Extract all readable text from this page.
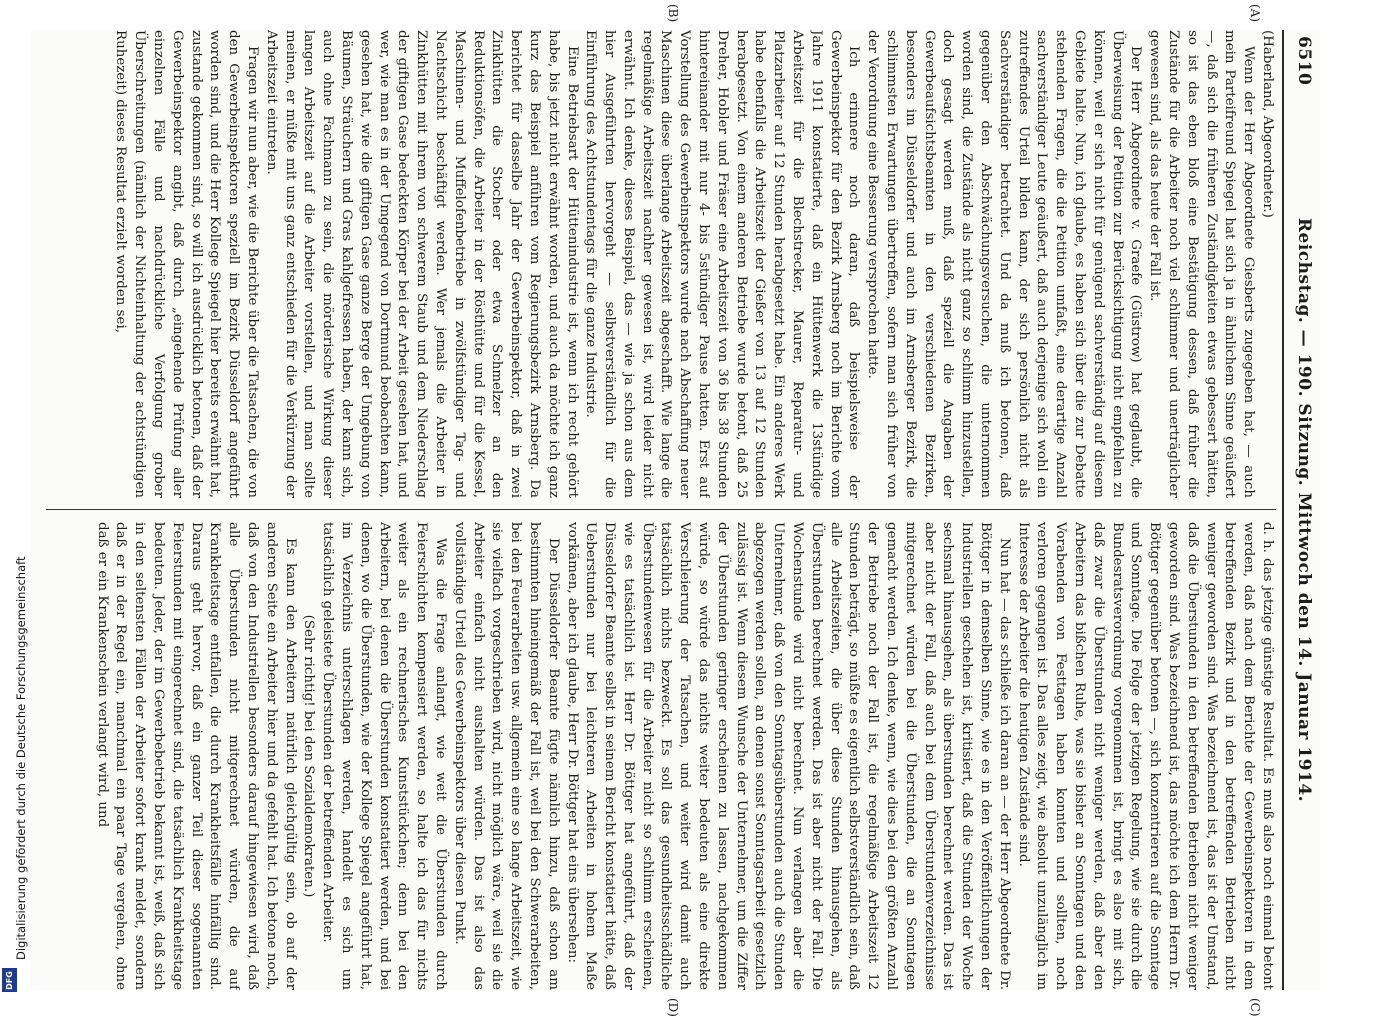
Digitalisierung gefördert durch die Deutsche Forschungsgemeinschaft
DFG
6510
Reichstag. — 190. Sitzung. Mittwoch den 14. Januar 1914.
(A)
(B)
(C)
(D)

(Haberland, Abgeordneter.)

Wenn der Herr Abgeordnete Giesberts zugegeben hat, — auch mein Parteifreund Spiegel hat sich ja in ähnlichem Sinne geäußert —, daß sich die früheren Zuständigkeiten etwas gebessert hätten, so ist das eben bloß eine Bestätigung dessen, daß früher die Zustände für die Arbeiter noch viel schlimmer und unerträglicher gewesen sind, als das heute der Fall ist.

Der Herr Abgeordnete v. Graefe (Güstrow) hat geglaubt, die Überweisung der Petition zur Berücksichtigung nicht empfehlen zu können, weil er sich nicht für genügend sachverständig auf diesem Gebiete halte. Nun, ich glaube, es haben sich über die zur Debatte stehenden Fragen, die die Petition umfaßt, eine derartige Anzahl sachverständiger Leute geäußert, daß auch derjenige sich wohl ein zutreffendes Urteil bilden kann, der sich persönlich nicht als Sachverständiger betrachtet. Und da muß ich betonen, daß gegenüber den Abschwächungsversuchen, die unternommen worden sind, die Zustände als nicht ganz so schlimm hinzustellen, doch gesagt werden muß, daß speziell die Angaben der Gewerbeaufsichtsbeamten in den verschiedenen Bezirken, besonders im Düsseldorfer und auch im Arnsberger Bezirk, die schlimmsten Erwartungen übertreffen, sofern man sich früher von der Verordnung eine Besserung versprochen hatte.

Ich erinnere noch daran, daß beispielsweise der Gewerbeinspektor für den Bezirk Arnsberg noch im Berichte vom Jahre 1911 konstatierte, daß ein Hüttenwerk die 13stündige Arbeitszeit für die Blechstrecker, Maurer, Reparatur- und Platzarbeiter auf 12 Stunden herabgesetzt habe. Ein anderes Werk habe ebenfalls die Arbeitszeit der Gießer von 13 auf 12 Stunden herabgesetzt. Von einem anderen Betriebe wurde betont, daß 25 Dreher, Hobler und Fräser eine Arbeitszeit von 36 bis 38 Stunden hintereinander mit nur 4- bis 5stündiger Pause hatten. Erst auf Vorstellung des Gewerbeinspektors wurde nach Abschaffung neuer Maschinen diese überlange Arbeitszeit abgeschafft. Wie lange die regelmäßige Arbeitszeit nachher gewesen ist, wird leider nicht erwähnt. Ich denke, dieses Beispiel, das — wie ja schon aus dem hier Ausgeführten hervorgeht — selbstverständlich für die Einführung des Achtstundentags für die ganze Industrie.

Eine Betriebsart der Hüttenindustrie ist, wenn ich recht gehört habe, bis jetzt nicht erwähnt worden, und auch da möchte ich ganz kurz das Beispiel anführen vom Regierungsbezirk Arnsberg. Da berichtet für dasselbe Jahr der Gewerbeinspektor, daß in zwei Zinkhütten die Stocher oder etwa Schmelzer an den Reduktionsöfen, die Arbeiter in der Rösthütte und für die Kessel, Maschinen- und Muffelofenbetriebe in zwölfstündiger Tag- und Nachtschicht beschäftigt werden. Wer jemals die Arbeiter in Zinkhütten mit ihrem von schwerem Staub und dem Niederschlag der giftigen Gase bedeckten Körper bei der Arbeit gesehen hat, und wer, wie man es in der Umgegend von Dortmund beobachten kann, gesehen hat, wie die giftigen Gase ganze Berge der Umgebung von Bäumen, Sträuchern und Gras kahlgefressen haben, der kann sich, auch ohne Fachmann zu sein, die mörderische Wirkung dieser langen Arbeitszeit auf die Arbeiter vorstellen, und man sollte meinen, er müßte mit uns ganz entschieden für die Verkürzung der Arbeitszeit eintreten.

Fragen wir nun aber, wie die Berichte über die Tatsachen, die von den Gewerbeinspektoren speziell im Bezirk Düsseldorf angeführt worden sind, und die Herr Kollege Spiegel hier bereits erwähnt hat, zustande gekommen sind, so will ich ausdrücklich betonen, daß der Gewerbeinspektor angibt, daß durch „eingehende Prüfung aller einzelnen Fälle und nachdrückliche Verfolgung grober Überschreitungen (nämlich der Nichteinhaltung der achtstündigen Ruhezeit) dieses Resultat erzielt worden sei,

d. h. das jetzige günstige Resultat. Es muß also noch einmal betont werden, daß nach dem Berichte der Gewerbeinspektoren in dem betreffenden Bezirk und in den betreffenden Betrieben nicht weniger geworden sind. Was bezeichnend ist, das ist der Umstand, daß die Überstunden in den betreffenden Betrieben nicht weniger geworden sind. Was bezeichnend ist, das möchte ich dem Herrn Dr. Böttger gegenüber betonen —, sich konzentrieren auf die Sonntage und Sonntage. Die Folge der jetzigen Regelung, wie sie durch die Bundesratsverordnung vorgenommen ist, bringt es also mit sich, daß zwar die Überstunden nicht weniger werden, daß aber den Arbeitern das bißchen Ruhe, was sie bisher an Sonntagen und den Vorabenden von Festtagen haben konnten und sollten, noch verloren gegangen ist. Das alles zeigt, wie absolut unzulänglich im Interesse der Arbeiter die heutigen Zustände sind.

Nun hat — das schließe ich daran an — der Herr Abgeordnete Dr. Böttger in demselben Sinne, wie es in den Veröffentlichungen der Industriellen geschehen ist, kritisiert, daß die Stunden der Woche sechsmal hinausgehen, als überstunden berechnet werden. Das ist aber nicht der Fall, daß auch bei dem Überstundenverzeichnisse mitgerechnet würden bei die Überstunden, die an Sonntagen gemacht werden. Ich denke, wenn, wie dies bei den größten Anzahl der Betriebe noch der Fall ist, die regelmäßige Arbeitszeit 12 Stunden beträgt, so müßte es eigentlich selbstverständlich sein, daß alle Arbeitszeiten, die über diese Stunden hinausgehen, als Überstunden berechnet werden. Das ist aber nicht der Fall. Die Wochenstunde wird nicht berechnet. Nun verlangen aber die Unternehmer, daß von den Sonntagsüberstunden auch die Stunden abgezogen werden sollen, an denen sonst Sonntagsarbeit gesetzlich zulässig ist. Wenn diesem Wunsche der Unternehmer, um die Ziffer der Überstunden geringer erscheinen zu lassen, nachgekommen würde, so würde das nichts weiter bedeuten als eine direkte Verschleierung der Tatsachen, und weiter wird damit auch tatsächlich nichts bezweckt. Es soll das gesundheitsschädliche Überstundenwesen für die Arbeiter nicht so schlimm erscheinen, wie es tatsächlich ist. Herr Dr. Böttger hat angeführt, daß der Düsseldorfer Beamte selbst in seinem Bericht konstatiert hätte, daß Ueberstunden nur bei leichteren Arbeiten in hohem Maße vorkämen, aber ich glaube, Herr Dr. Böttger hat eins übersehen:

Der Düsseldorfer Beamte fügte nämlich hinzu, daß schon am bestimmten hineingemäß der Fall ist, weil bei den Schwerarbeiten, bei den Feuerarbeiten usw. allgemein eine so lange Arbeitszeit, wie sie vielfach vorgeschrieben wird, nicht möglich wäre, weil sie die Arbeiter einfach nicht aushalten würden. Das ist also das vollständige Urteil des Gewerbeinspektors über diesen Punkt.

Was die Frage anlangt, wie weit die Überstunden durch Feierschichten kompensiert werden, so halte ich das für nichts weiter als ein rechnerisches Kunststückchen; denn bei den Arbeitern, bei denen die Überstunden konstatiert werden, und bei denen, wo die Überstunden, wie der Kollege Spiegel angeführt hat, im Verzeichnis unterschlagen werden, handelt es sich um tatsächlich geleistete Überstunden der betreffenden Arbeiter.

(Sehr richtig! bei den Sozialdemokraten.)

Es kann den Arbeitern natürlich gleichgültig sein, ob auf der anderen Seite ein Arbeiter hier und da gefehlt hat. Ich betone noch, daß von den Industriellen besonders darauf hingewiesen wird, daß alle Überstunden nicht mitgerechnet würden, die auf Krankheitstage entfallen, die durch Krankheitsfälle hinfällig sind. Daraus geht hervor, daß ein ganzer Teil dieser sogenannten Feierstunden mit eingerechnet sind, die tatsächlich Krankheitstage bedeuten. Jeder, der im Gewerbebetrieb bekannt ist, weiß, daß sich in den seltensten Fällen der Arbeiter sofort krank meldet, sondern daß er in der Regel ein, manchmal ein paar Tage vergehen, ohne daß er ein Krankenschein verlangt wird, und
